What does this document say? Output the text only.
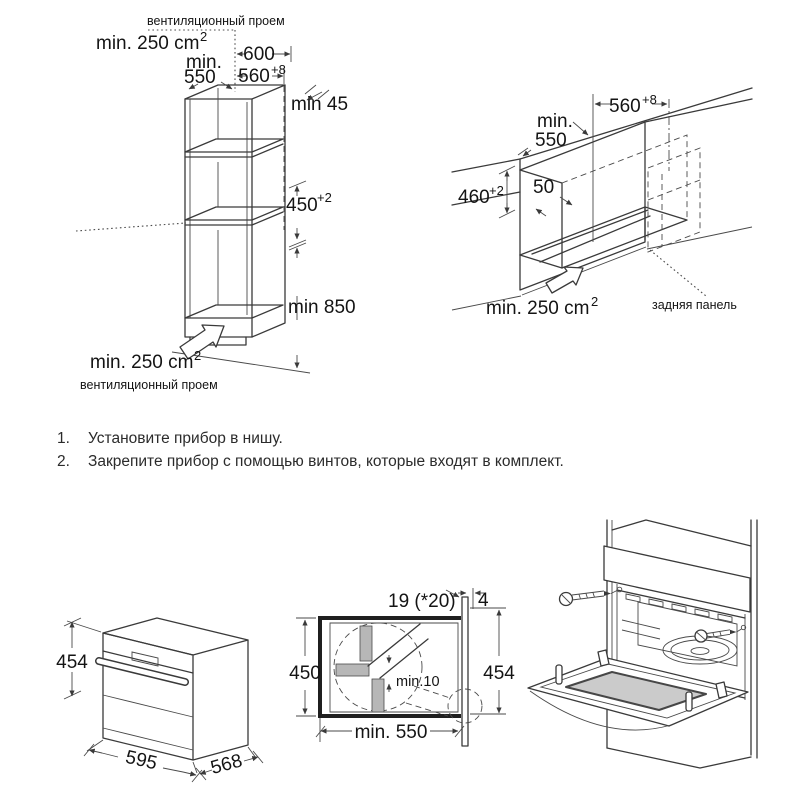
600
560 +8
min.
550
min 45
450 +2
min 850
вентиляционный проем
min. 250 cm 2
min. 250 cm 2
вентиляционный проем
560 +8
min.
550
460 +2 50
min. 250 cm 2	задняя панель
454
595	568
min.10
450
min. 550
19 (*20) 4
454
1.	Установите прибор в нишу.
2.	Закрепите прибор с помощью винтов, которые входят в комплект.
